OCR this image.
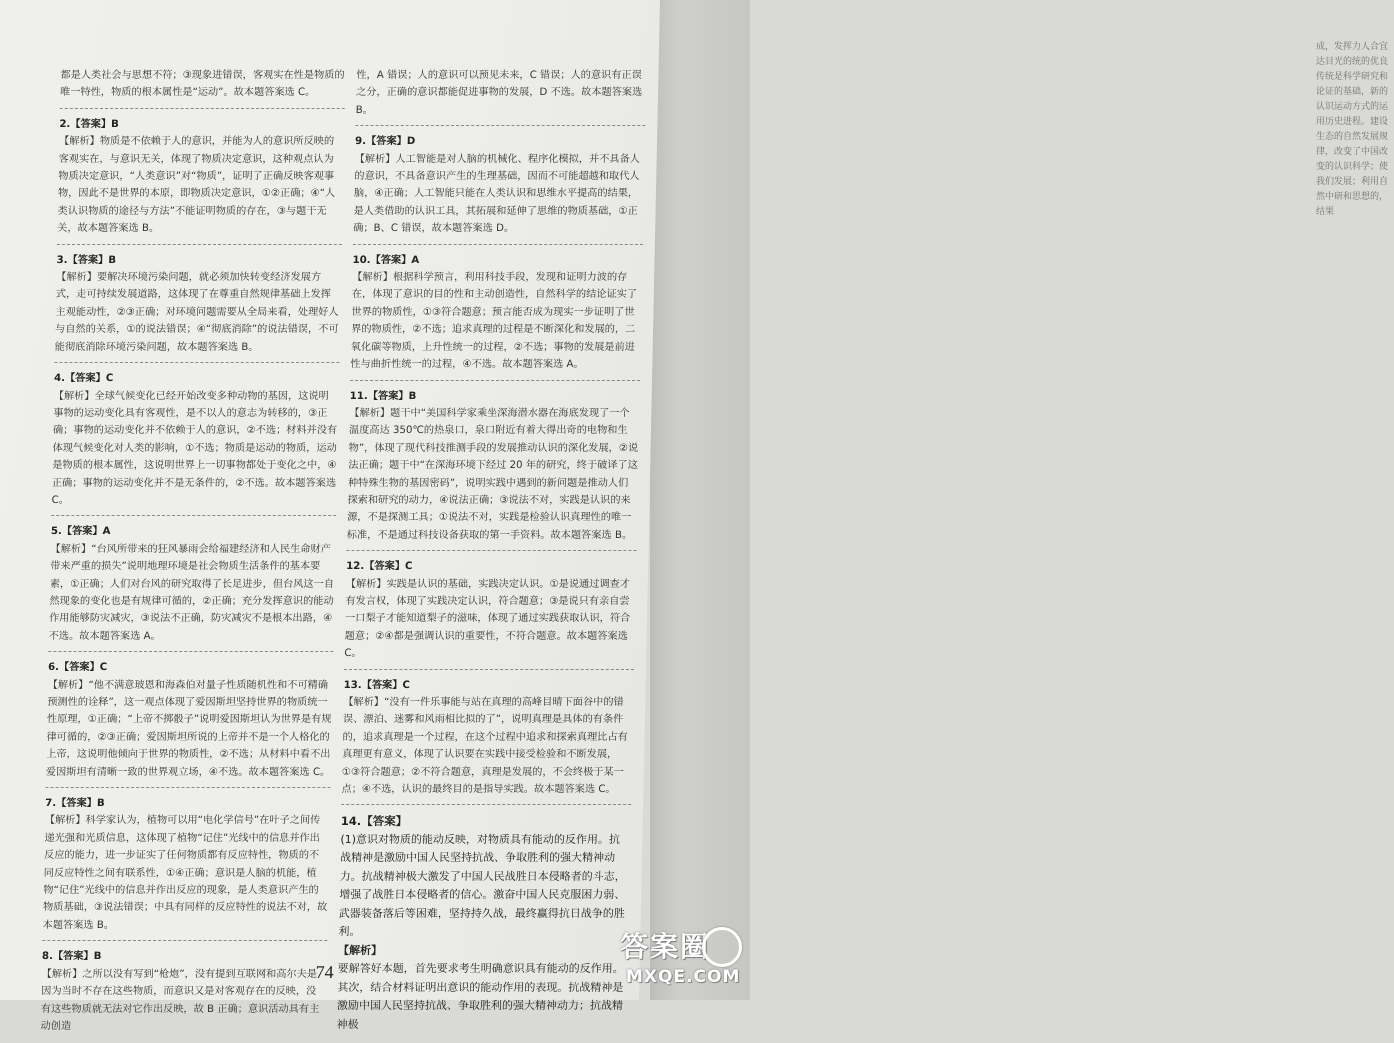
成，发挥力人合宜达目光的统的优良传统是科学研究和论证的基础，新的认识运动方式的运用历史进程。建设生态的自然发展规律，改变了中国改变的认识科学；使我们发展；利用自然中研和思想的，结果
都是人类社会与思想不符；③现象进错误，客观实在性是物质的唯一特性，物质的根本属性是“运动”。故本题答案选 C。
2.【答案】B
【解析】物质是不依赖于人的意识，并能为人的意识所反映的客观实在，与意识无关，体现了物质决定意识，这种观点认为物质决定意识，“人类意识”对“物质”，证明了正确反映客观事物，因此不是世界的本原，即物质决定意识，①②正确；④“人类认识物质的途径与方法”不能证明物质的存在，③与题干无关，故本题答案选 B。
3.【答案】B
【解析】要解决环境污染问题，就必须加快转变经济发展方式，走可持续发展道路，这体现了在尊重自然规律基础上发挥主观能动性，②③正确；对环境问题需要从全局来看，处理好人与自然的关系，①的说法错误；④“彻底消除”的说法错误，不可能彻底消除环境污染问题，故本题答案选 B。
4.【答案】C
【解析】全球气候变化已经开始改变多种动物的基因，这说明事物的运动变化具有客观性，是不以人的意志为转移的，③正确；事物的运动变化并不依赖于人的意识，②不选；材料并没有体现气候变化对人类的影响，①不选；物质是运动的物质，运动是物质的根本属性，这说明世界上一切事物都处于变化之中，④正确；事物的运动变化并不是无条件的，②不选。故本题答案选 C。
5.【答案】A
【解析】“台风所带来的狂风暴雨会给福建经济和人民生命财产带来严重的损失”说明地理环境是社会物质生活条件的基本要素，①正确；人们对台风的研究取得了长足进步，但台风这一自然现象的变化也是有规律可循的，②正确；充分发挥意识的能动作用能够防灾减灾，③说法不正确，防灾减灾不是根本出路，④不选。故本题答案选 A。
6.【答案】C
【解析】“他不满意玻恩和海森伯对量子性质随机性和不可精确预测性的诠释”，这一观点体现了爱因斯坦坚持世界的物质统一性原理，①正确；“上帝不掷骰子”说明爱因斯坦认为世界是有规律可循的，②③正确；爱因斯坦所说的上帝并不是一个人格化的上帝，这说明他倾向于世界的物质性，②不选；从材料中看不出爱因斯坦有清晰一致的世界观立场，④不选。故本题答案选 C。
7.【答案】B
【解析】科学家认为，植物可以用“电化学信号”在叶子之间传递光强和光质信息，这体现了植物“记住”光线中的信息并作出反应的能力，进一步证实了任何物质都有反应特性，物质的不同反应特性之间有联系性，①④正确；意识是人脑的机能，植物“记住”光线中的信息并作出反应的现象，是人类意识产生的物质基础，③说法错误；中具有同样的反应特性的说法不对，故本题答案选 B。
8.【答案】B
【解析】之所以没有写到“枪炮”，没有提到互联网和高尔夫是因为当时不存在这些物质，而意识又是对客观存在的反映，没有这些物质就无法对它作出反映，故 B 正确；意识活动具有主动创造
性，A 错误；人的意识可以预见未来，C 错误；人的意识有正误之分，正确的意识都能促进事物的发展，D 不选。故本题答案选 B。
9.【答案】D
【解析】人工智能是对人脑的机械化、程序化模拟，并不具备人的意识，不具备意识产生的生理基础，因而不可能超越和取代人脑，④正确；人工智能只能在人类认识和思维水平提高的结果，是人类借助的认识工具，其拓展和延伸了思维的物质基础，①正确；B、C 错误，故本题答案选 D。
10.【答案】A
【解析】根据科学预言，利用科技手段，发现和证明力波的存在，体现了意识的目的性和主动创造性，自然科学的结论证实了世界的物质性，①③符合题意；预言能否成为现实一步证明了世界的物质性，②不选；追求真理的过程是不断深化和发展的，二氧化碳等物质，上升性统一的过程，②不选；事物的发展是前进性与曲折性统一的过程，④不选。故本题答案选 A。
11.【答案】B
【解析】题干中“美国科学家乘坐深海潜水器在海底发现了一个温度高达 350℃的热泉口，泉口附近有着大得出奇的电物和生物”，体现了现代科技推测手段的发展推动认识的深化发展，②说法正确；题干中“在深海环境下经过 20 年的研究，终于破译了这种特殊生物的基因密码”，说明实践中遇到的新问题是推动人们探索和研究的动力，④说法正确；③说法不对，实践是认识的来源，不是探测工具；①说法不对，实践是检验认识真理性的唯一标准，不是通过科技设备获取的第一手资料。故本题答案选 B。
12.【答案】C
【解析】实践是认识的基础，实践决定认识。①是说通过调查才有发言权，体现了实践决定认识，符合题意；③是说只有亲自尝一口梨子才能知道梨子的滋味，体现了通过实践获取认识，符合题意；②④都是强调认识的重要性，不符合题意。故本题答案选 C。
13.【答案】C
【解析】“没有一件乐事能与站在真理的高峰目晴下面谷中的错误、漂泊、迷雾和风雨相比拟的了”，说明真理是具体的有条件的，追求真理是一个过程，在这个过程中追求和探索真理比占有真理更有意义，体现了认识要在实践中接受检验和不断发展，①③符合题意；②不符合题意，真理是发展的，不会终极于某一点；④不选，认识的最终目的是指导实践。故本题答案选 C。
14.【答案】
(1)意识对物质的能动反映，对物质具有能动的反作用。抗战精神是激励中国人民坚持抗战、争取胜利的强大精神动力。抗战精神极大激发了中国人民战胜日本侵略者的斗志，增强了战胜日本侵略者的信心。激奋中国人民克服困力弱、武器装备落后等困难，坚持持久战，最终赢得抗日战争的胜利。
【解析】
要解答好本题，首先要求考生明确意识具有能动的反作用。其次，结合材料证明出意识的能动作用的表现。抗战精神是激励中国人民坚持抗战、争取胜利的强大精神动力；抗战精神极
74
答案圈
MXQE.COM
